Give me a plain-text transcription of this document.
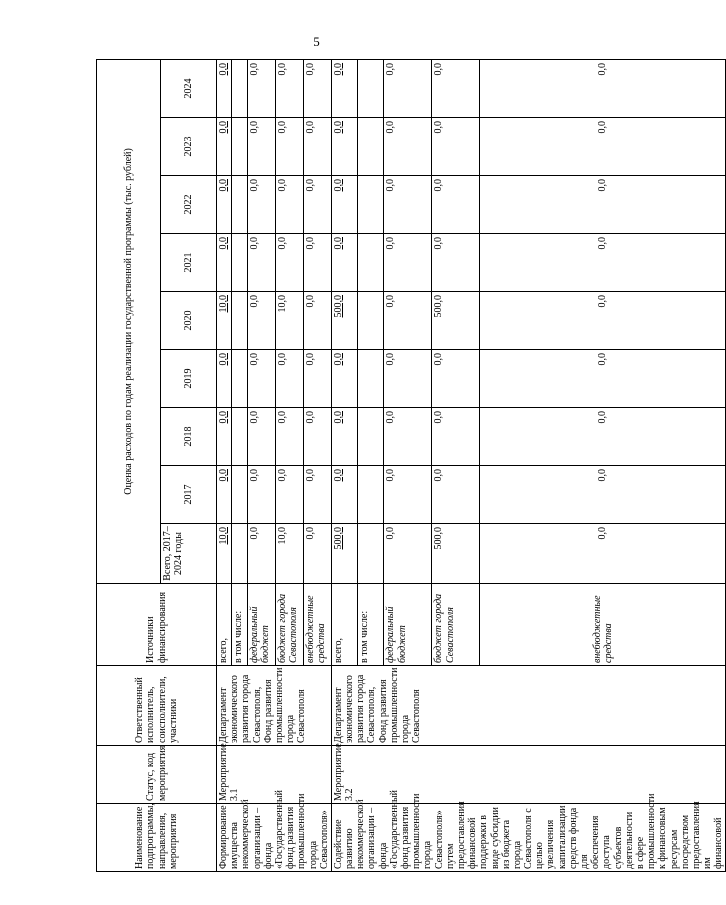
5
Наименование подпрограммы, направления, мероприятия	Статус, код мероприятия	Ответственный исполнитель, соисполнители, участники	Источники финансирования	Оценка расходов по годам реализации государственной программы (тыс. рублей)								
				Всего, 2017–2024 годы	2017	2018	2019	2020	2021	2022	2023	2024
Формирование имущества некоммерческой организации – фонда «Государственный фонд развития промышленности города Севастополя»	Мероприятие 3.1	Департамент экономического развития города Севастополя, Фонд развития промышленности города Севастополя	всего,	10,0	0,0	0,0	0,0	10,0	0,0	0,0	0,0	0,0
			в том числе:									
			федеральный бюджет	0,0	0,0	0,0	0,0	0,0	0,0	0,0	0,0	0,0
			бюджет города Севастополя	10,0	0,0	0,0	0,0	10,0	0,0	0,0	0,0	0,0
			внебюджетные средства	0,0	0,0	0,0	0,0	0,0	0,0	0,0	0,0	0,0
Содействие развитию некоммерческой организации – фонда «Государственный фонд развития промышленности города Севастополя» путем предоставления финансовой поддержки в виде субсидии из бюджета города Севастополя с целью увеличения капитализации средств фонда для обеспечения доступа субъектов деятельности в сфере промышленности к финансовым ресурсам посредством предоставления им финансовой	Мероприятие 3.2	Департамент экономического развития города Севастополя, Фонд развития промышленности города Севастополя	всего,	500,0	0,0	0,0	0,0	500,0	0,0	0,0	0,0	0,0
			в том числе:									
			федеральный бюджет	0,0	0,0	0,0	0,0	0,0	0,0	0,0	0,0	0,0
			бюджет города Севастополя	500,0	0,0	0,0	0,0	500,0	0,0	0,0	0,0	0,0
			внебюджетные средства	0,0	0,0	0,0	0,0	0,0	0,0	0,0	0,0	0,0
